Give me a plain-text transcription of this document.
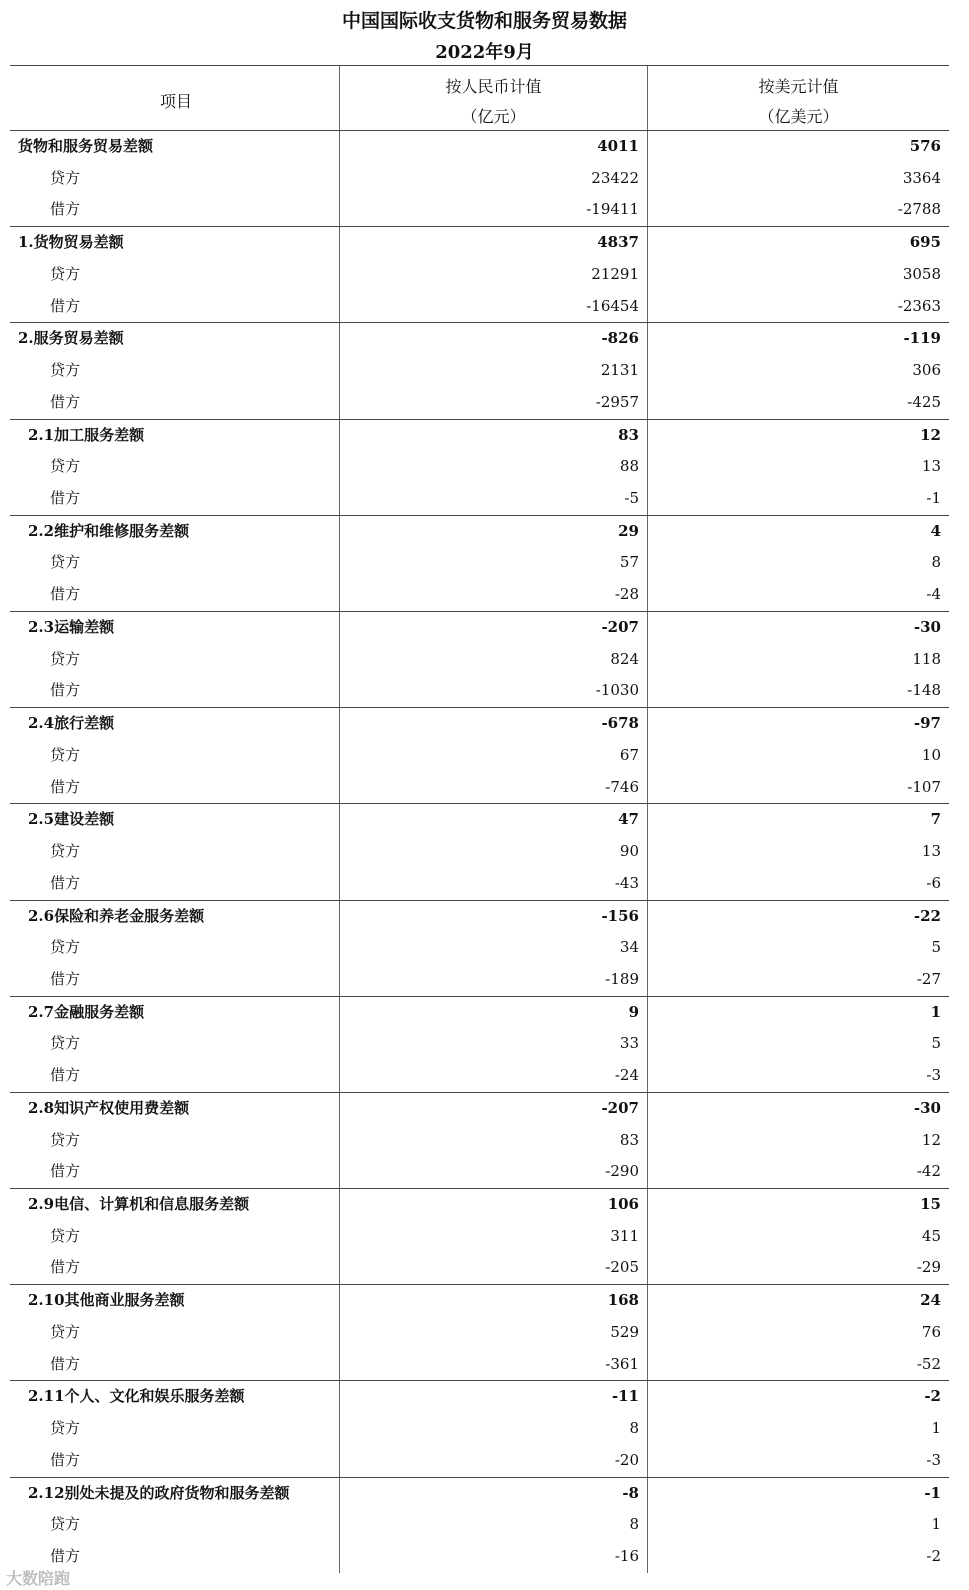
中国国际收支货物和服务贸易数据
2022年9月
项目
按人民币计值
（亿元）
按美元计值
（亿美元）
货物和服务贸易差额
贷方
借方
4011
23422
-19411
576
3364
-2788
1.货物贸易差额
贷方
借方
4837
21291
-16454
695
3058
-2363
2.服务贸易差额
贷方
借方
-826
2131
-2957
-119
306
-425
2.1加工服务差额
贷方
借方
83
88
-5
12
13
-1
2.2维护和维修服务差额
贷方
借方
29
57
-28
4
8
-4
2.3运输差额
贷方
借方
-207
824
-1030
-30
118
-148
2.4旅行差额
贷方
借方
-678
67
-746
-97
10
-107
2.5建设差额
贷方
借方
47
90
-43
7
13
-6
2.6保险和养老金服务差额
贷方
借方
-156
34
-189
-22
5
-27
2.7金融服务差额
贷方
借方
9
33
-24
1
5
-3
2.8知识产权使用费差额
贷方
借方
-207
83
-290
-30
12
-42
2.9电信、计算机和信息服务差额
贷方
借方
106
311
-205
15
45
-29
2.10其他商业服务差额
贷方
借方
168
529
-361
24
76
-52
2.11个人、文化和娱乐服务差额
贷方
借方
-11
8
-20
-2
1
-3
2.12别处未提及的政府货物和服务差额
贷方
借方
-8
8
-16
-1
1
-2
大数陪跑
